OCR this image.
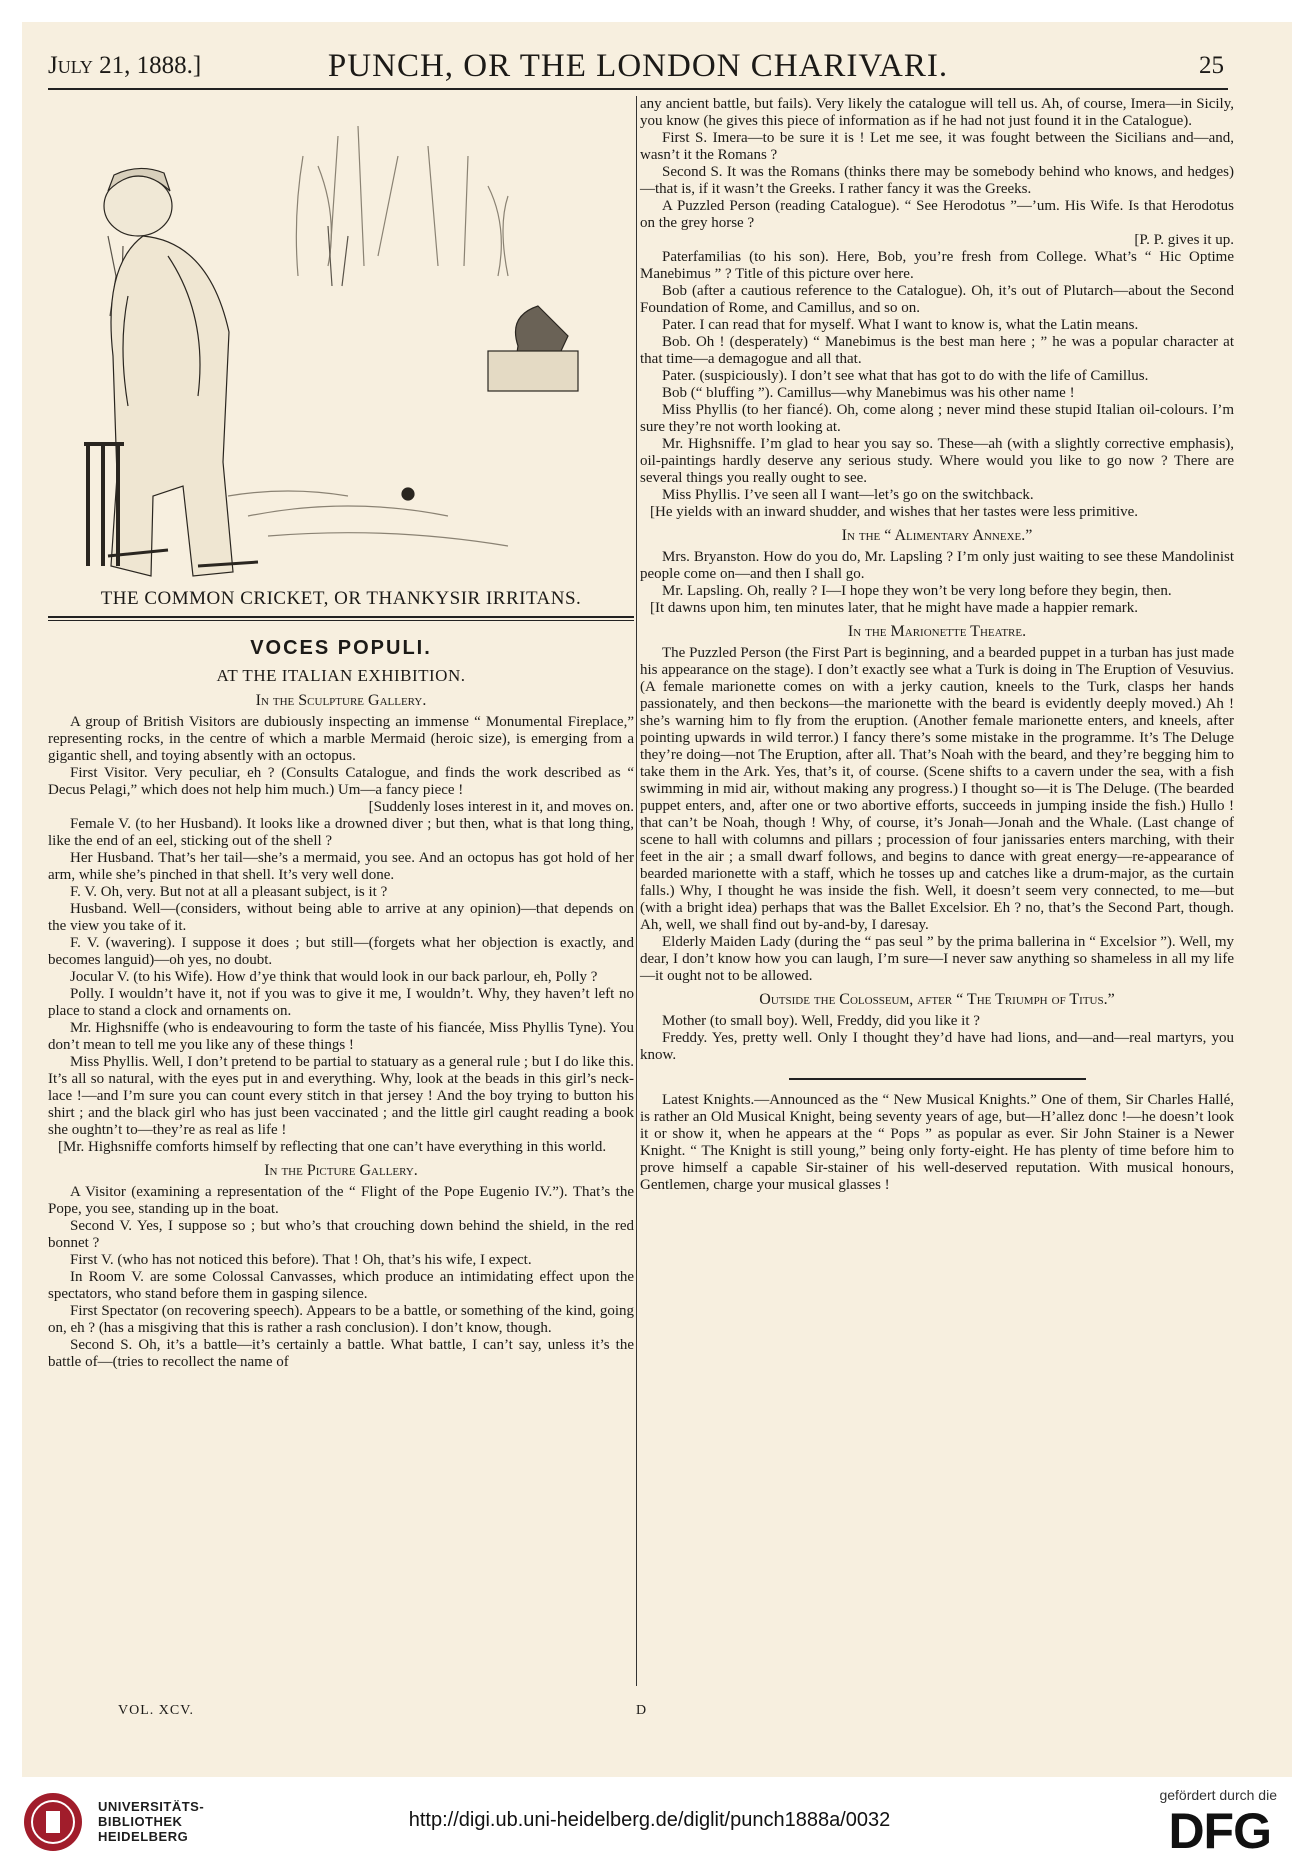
July 21, 1888.]	PUNCH, OR THE LONDON CHARIVARI.	25
THE COMMON CRICKET, OR THANKYSIR IRRITANS.
VOCES POPULI.
AT THE ITALIAN EXHIBITION.
In the Sculpture Gallery.

A group of British Visitors are dubiously inspecting an immense “ Monumental Fireplace,” representing rocks, in the centre of which a marble Mermaid (heroic size), is emerging from a gigantic shell, and toying absently with an octopus.

First Visitor. Very peculiar, eh ? (Consults Catalogue, and finds the work described as “ Decus Pelagi,” which does not help him much.) Um—a fancy piece !

[Suddenly loses interest in it, and moves on.

Female V. (to her Husband). It looks like a drowned diver ; but then, what is that long thing, like the end of an eel, sticking out of the shell ?

Her Husband. That’s her tail—she’s a mermaid, you see. And an octopus has got hold of her arm, while she’s pinched in that shell. It’s very well done.

F. V. Oh, very. But not at all a pleasant subject, is it ?

Husband. Well—(considers, without being able to arrive at any opinion)—that depends on the view you take of it.

F. V. (wavering). I suppose it does ; but still—(forgets what her objection is exactly, and becomes languid)—oh yes, no doubt.

Jocular V. (to his Wife). How d’ye think that would look in our back parlour, eh, Polly ?

Polly. I wouldn’t have it, not if you was to give it me, I wouldn’t. Why, they haven’t left no place to stand a clock and ornaments on.

Mr. Highsniffe (who is endeavouring to form the taste of his fiancée, Miss Phyllis Tyne). You don’t mean to tell me you like any of these things !

Miss Phyllis. Well, I don’t pretend to be partial to statuary as a general rule ; but I do like this. It’s all so natural, with the eyes put in and everything. Why, look at the beads in this girl’s neck-lace !—and I’m sure you can count every stitch in that jersey ! And the boy trying to button his shirt ; and the black girl who has just been vaccinated ; and the little girl caught reading a book she oughtn’t to—they’re as real as life !

[Mr. Highsniffe comforts himself by reflecting that one can’t have everything in this world.

In the Picture Gallery.

A Visitor (examining a representation of the “ Flight of the Pope Eugenio IV.”). That’s the Pope, you see, standing up in the boat.

Second V. Yes, I suppose so ; but who’s that crouching down behind the shield, in the red bonnet ?

First V. (who has not noticed this before). That ! Oh, that’s his wife, I expect.

In Room V. are some Colossal Canvasses, which produce an intimidating effect upon the spectators, who stand before them in gasping silence.

First Spectator (on recovering speech). Appears to be a battle, or something of the kind, going on, eh ? (has a misgiving that this is rather a rash conclusion). I don’t know, though.

Second S. Oh, it’s a battle—it’s certainly a battle. What battle, I can’t say, unless it’s the battle of—(tries to recollect the name of

any ancient battle, but fails). Very likely the catalogue will tell us. Ah, of course, Imera—in Sicily, you know (he gives this piece of information as if he had not just found it in the Catalogue).

First S. Imera—to be sure it is ! Let me see, it was fought between the Sicilians and—and, wasn’t it the Romans ?

Second S. It was the Romans (thinks there may be somebody behind who knows, and hedges)—that is, if it wasn’t the Greeks. I rather fancy it was the Greeks.

A Puzzled Person (reading Catalogue). “ See Herodotus ”—’um. His Wife. Is that Herodotus on the grey horse ?

[P. P. gives it up.

Paterfamilias (to his son). Here, Bob, you’re fresh from College. What’s “ Hic Optime Manebimus ” ? Title of this picture over here.

Bob (after a cautious reference to the Catalogue). Oh, it’s out of Plutarch—about the Second Foundation of Rome, and Camillus, and so on.

Pater. I can read that for myself. What I want to know is, what the Latin means.

Bob. Oh ! (desperately) “ Manebimus is the best man here ; ” he was a popular character at that time—a demagogue and all that.

Pater. (suspiciously). I don’t see what that has got to do with the life of Camillus.

Bob (“ bluffing ”). Camillus—why Manebimus was his other name !

Miss Phyllis (to her fiancé). Oh, come along ; never mind these stupid Italian oil-colours. I’m sure they’re not worth looking at.

Mr. Highsniffe. I’m glad to hear you say so. These—ah (with a slightly corrective emphasis), oil-paintings hardly deserve any serious study. Where would you like to go now ? There are several things you really ought to see.

Miss Phyllis. I’ve seen all I want—let’s go on the switchback.

[He yields with an inward shudder, and wishes that her tastes were less primitive.

In the “ Alimentary Annexe.”

Mrs. Bryanston. How do you do, Mr. Lapsling ? I’m only just waiting to see these Mandolinist people come on—and then I shall go.

Mr. Lapsling. Oh, really ? I—I hope they won’t be very long before they begin, then.

[It dawns upon him, ten minutes later, that he might have made a happier remark.

In the Marionette Theatre.

The Puzzled Person (the First Part is beginning, and a bearded puppet in a turban has just made his appearance on the stage). I don’t exactly see what a Turk is doing in The Eruption of Vesuvius. (A female marionette comes on with a jerky caution, kneels to the Turk, clasps her hands passionately, and then beckons—the marionette with the beard is evidently deeply moved.) Ah ! she’s warning him to fly from the eruption. (Another female marionette enters, and kneels, after pointing upwards in wild terror.) I fancy there’s some mistake in the programme. It’s The Deluge they’re doing—not The Eruption, after all. That’s Noah with the beard, and they’re begging him to take them in the Ark. Yes, that’s it, of course. (Scene shifts to a cavern under the sea, with a fish swimming in mid air, without making any progress.) I thought so—it is The Deluge. (The bearded puppet enters, and, after one or two abortive efforts, succeeds in jumping inside the fish.) Hullo ! that can’t be Noah, though ! Why, of course, it’s Jonah—Jonah and the Whale. (Last change of scene to hall with columns and pillars ; procession of four janissaries enters marching, with their feet in the air ; a small dwarf follows, and begins to dance with great energy—re-appearance of bearded marionette with a staff, which he tosses up and catches like a drum-major, as the curtain falls.) Why, I thought he was inside the fish. Well, it doesn’t seem very connected, to me—but (with a bright idea) perhaps that was the Ballet Excelsior. Eh ? no, that’s the Second Part, though. Ah, well, we shall find out by-and-by, I daresay.

Elderly Maiden Lady (during the “ pas seul ” by the prima ballerina in “ Excelsior ”). Well, my dear, I don’t know how you can laugh, I’m sure—I never saw anything so shameless in all my life—it ought not to be allowed.

Outside the Colosseum, after “ The Triumph of Titus.”

Mother (to small boy). Well, Freddy, did you like it ?

Freddy. Yes, pretty well. Only I thought they’d have had lions, and—and—real martyrs, you know.

Latest Knights.—Announced as the “ New Musical Knights.” One of them, Sir Charles Hallé, is rather an Old Musical Knight, being seventy years of age, but—H’allez donc !—he doesn’t look it or show it, when he appears at the “ Pops ” as popular as ever. Sir John Stainer is a Newer Knight. “ The Knight is still young,” being only forty-eight. He has plenty of time before him to prove himself a capable Sir-stainer of his well-deserved reputation. With musical honours, Gentlemen, charge your musical glasses !

VOL. XCV.	D
UNIVERSITÄTS-
BIBLIOTHEK
HEIDELBERG
http://digi.ub.uni-heidelberg.de/diglit/punch1888a/0032
gefördert durch die
DFG
